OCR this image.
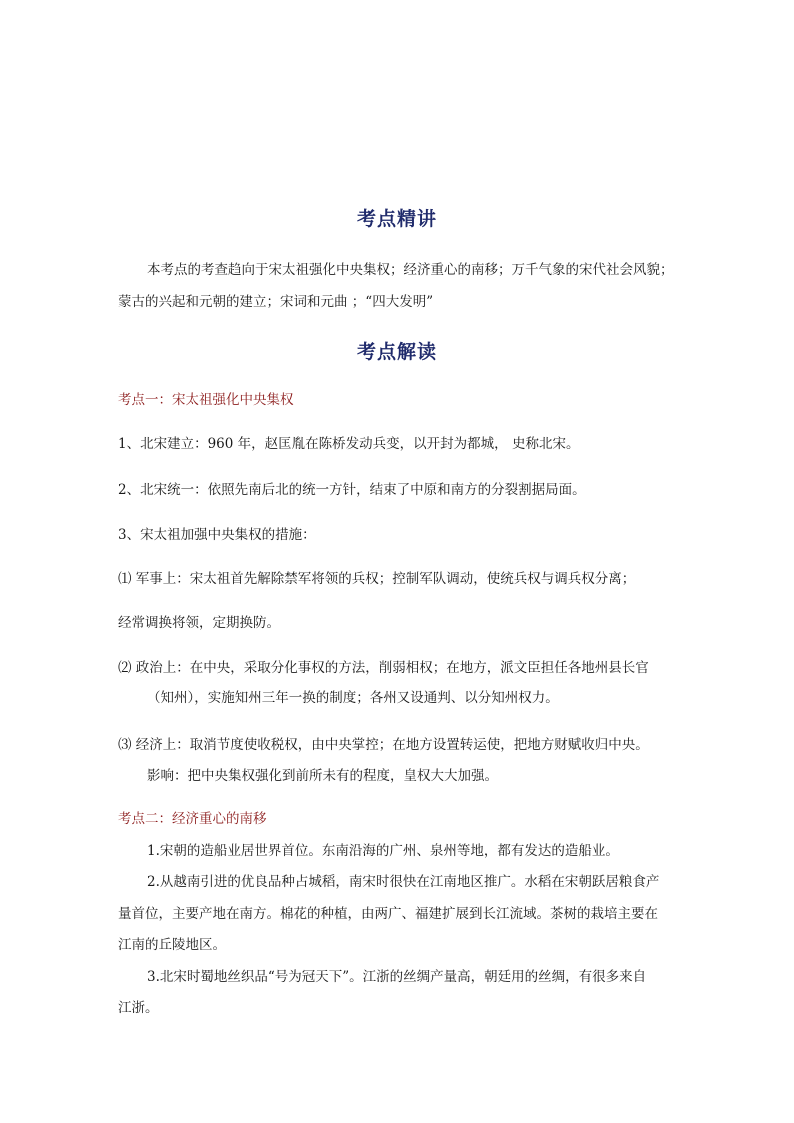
考点精讲
本考点的考查趋向于宋太祖强化中央集权；经济重心的南移；万千气象的宋代社会风貌；
蒙古的兴起和元朝的建立；宋词和元曲 ；“四大发明”
考点解读
考点一：宋太祖强化中央集权
1、北宋建立：960 年，赵匡胤在陈桥发动兵变，以开封为都城， 史称北宋。
2、北宋统一：依照先南后北的统一方针，结束了中原和南方的分裂割据局面。
3、宋太祖加强中央集权的措施：
⑴ 军事上：宋太祖首先解除禁军将领的兵权；控制军队调动，使统兵权与调兵权分离；
经常调换将领，定期换防。
⑵ 政治上：在中央，采取分化事权的方法，削弱相权；在地方，派文臣担任各地州县长官
（知州），实施知州三年一换的制度；各州又设通判、以分知州权力。
⑶ 经济上：取消节度使收税权，由中央掌控；在地方设置转运使，把地方财赋收归中央。
影响：把中央集权强化到前所未有的程度，皇权大大加强。
考点二：经济重心的南移
1.宋朝的造船业居世界首位。东南沿海的广州、泉州等地，都有发达的造船业。
2.从越南引进的优良品种占城稻，南宋时很快在江南地区推广。水稻在宋朝跃居粮食产
量首位，主要产地在南方。棉花的种植，由两广、福建扩展到长江流域。茶树的栽培主要在
江南的丘陵地区。
3.北宋时蜀地丝织品“号为冠天下”。江浙的丝绸产量高，朝廷用的丝绸，有很多来自
江浙。
